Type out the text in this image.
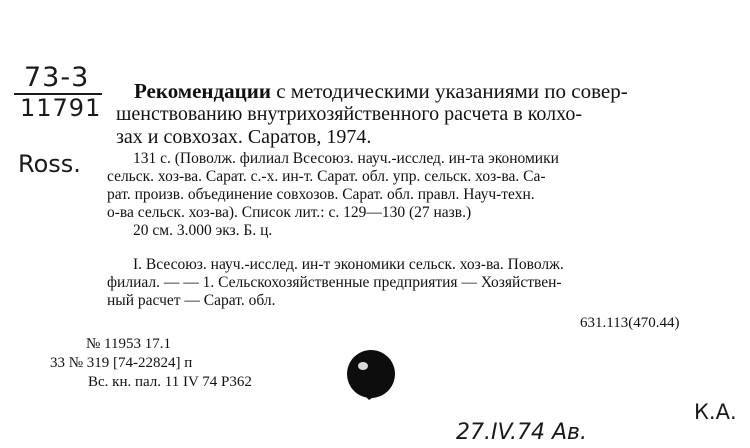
73-3
11791
Ross.
Рекомендации с методическими указаниями по совер-
шенствованию внутрихозяйственного расчета в колхо-
зах и совхозах. Саратов, 1974.
131 с. (Поволж. филиал Всесоюз. науч.-исслед. ин-та экономики
сельск. хоз-ва. Сарат. с.-х. ин-т. Сарат. обл. упр. сельск. хоз-ва. Са-
рат. произв. объединение совхозов. Сарат. обл. правл. Науч-техн.
о-ва сельск. хоз-ва). Список лит.: с. 129—130 (27 назв.)
20 см. 3.000 экз. Б. ц.
I. Всесоюз. науч.-исслед. ин-т экономики сельск. хоз-ва. Поволж.
филиал. — — 1. Сельскохозяйственные предприятия — Хозяйствен-
ный расчет — Сарат. обл.
631.113(470.44)
№ 11953 17.1
33 № 319 [74-22824] п
Вс. кн. пал. 11 IV 74 Р362
К.А.
27.IV.74 Ав.
